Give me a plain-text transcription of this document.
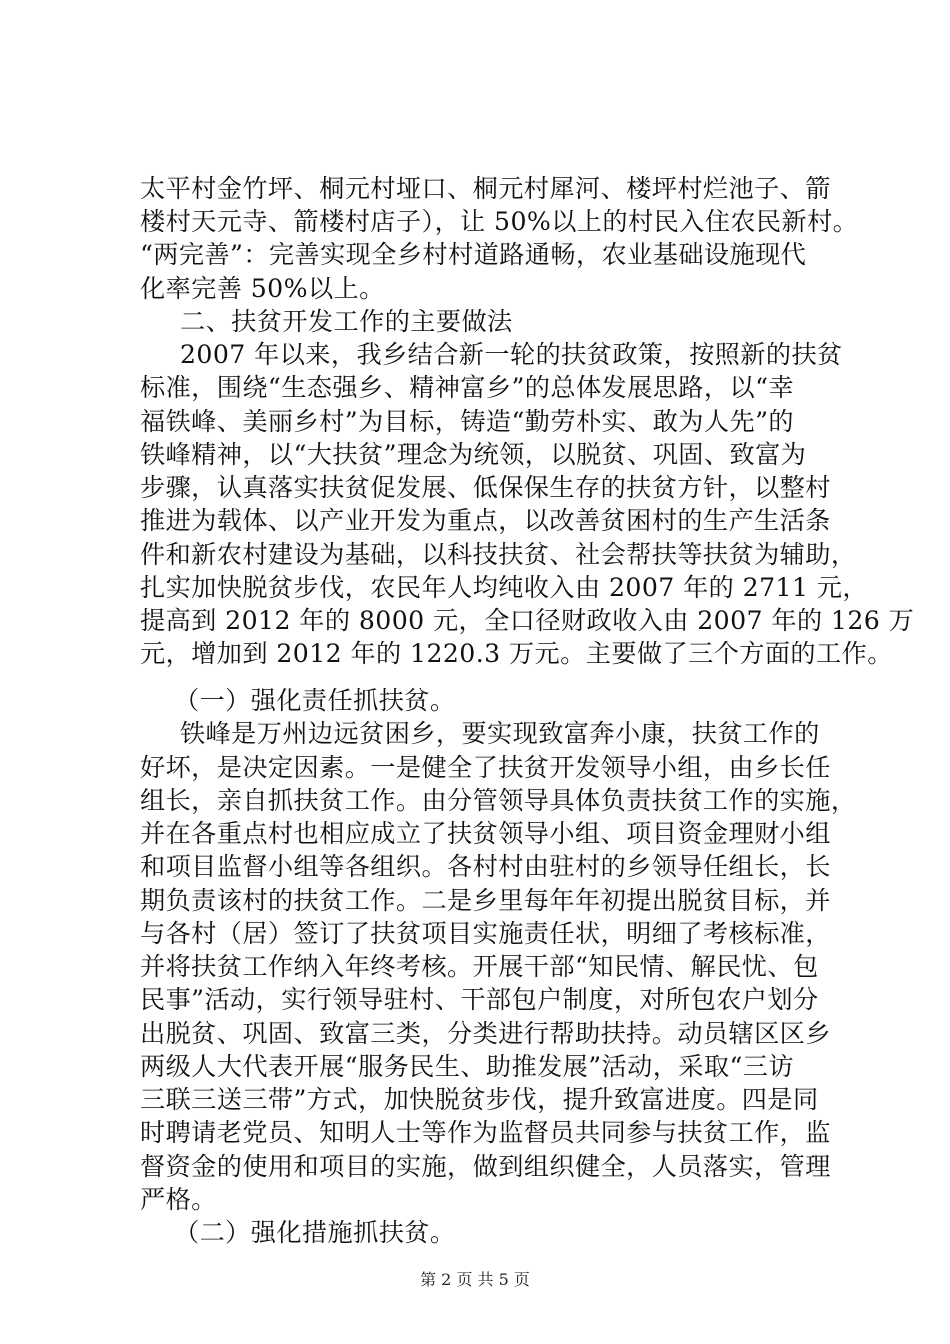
太平村金竹坪、桐元村垭口、桐元村犀河、楼坪村烂池子、箭
楼村天元寺、箭楼村店子），让 50%以上的村民入住农民新村。
“两完善”：完善实现全乡村村道路通畅，农业基础设施现代
化率完善 50%以上。
二、扶贫开发工作的主要做法
2007 年以来，我乡结合新一轮的扶贫政策，按照新的扶贫
标准，围绕“生态强乡、精神富乡”的总体发展思路，以“幸
福铁峰、美丽乡村”为目标，铸造“勤劳朴实、敢为人先”的
铁峰精神，以“大扶贫”理念为统领，以脱贫、巩固、致富为
步骤，认真落实扶贫促发展、低保保生存的扶贫方针，以整村
推进为载体、以产业开发为重点，以改善贫困村的生产生活条
件和新农村建设为基础，以科技扶贫、社会帮扶等扶贫为辅助，
扎实加快脱贫步伐，农民年人均纯收入由 2007 年的 2711 元，
提高到 2012 年的 8000 元，全口径财政收入由 2007 年的 126 万
元，增加到 2012 年的 1220.3 万元。主要做了三个方面的工作。
（一）强化责任抓扶贫。
铁峰是万州边远贫困乡，要实现致富奔小康，扶贫工作的
好坏，是决定因素。一是健全了扶贫开发领导小组，由乡长任
组长，亲自抓扶贫工作。由分管领导具体负责扶贫工作的实施，
并在各重点村也相应成立了扶贫领导小组、项目资金理财小组
和项目监督小组等各组织。各村村由驻村的乡领导任组长，长
期负责该村的扶贫工作。二是乡里每年年初提出脱贫目标，并
与各村（居）签订了扶贫项目实施责任状，明细了考核标准，
并将扶贫工作纳入年终考核。开展干部“知民情、解民忧、包
民事”活动，实行领导驻村、干部包户制度，对所包农户划分
出脱贫、巩固、致富三类，分类进行帮助扶持。动员辖区区乡
两级人大代表开展“服务民生、助推发展”活动，采取“三访
三联三送三带”方式，加快脱贫步伐，提升致富进度。四是同
时聘请老党员、知明人士等作为监督员共同参与扶贫工作，监
督资金的使用和项目的实施，做到组织健全，人员落实，管理
严格。
（二）强化措施抓扶贫。
第 2 页 共 5 页
